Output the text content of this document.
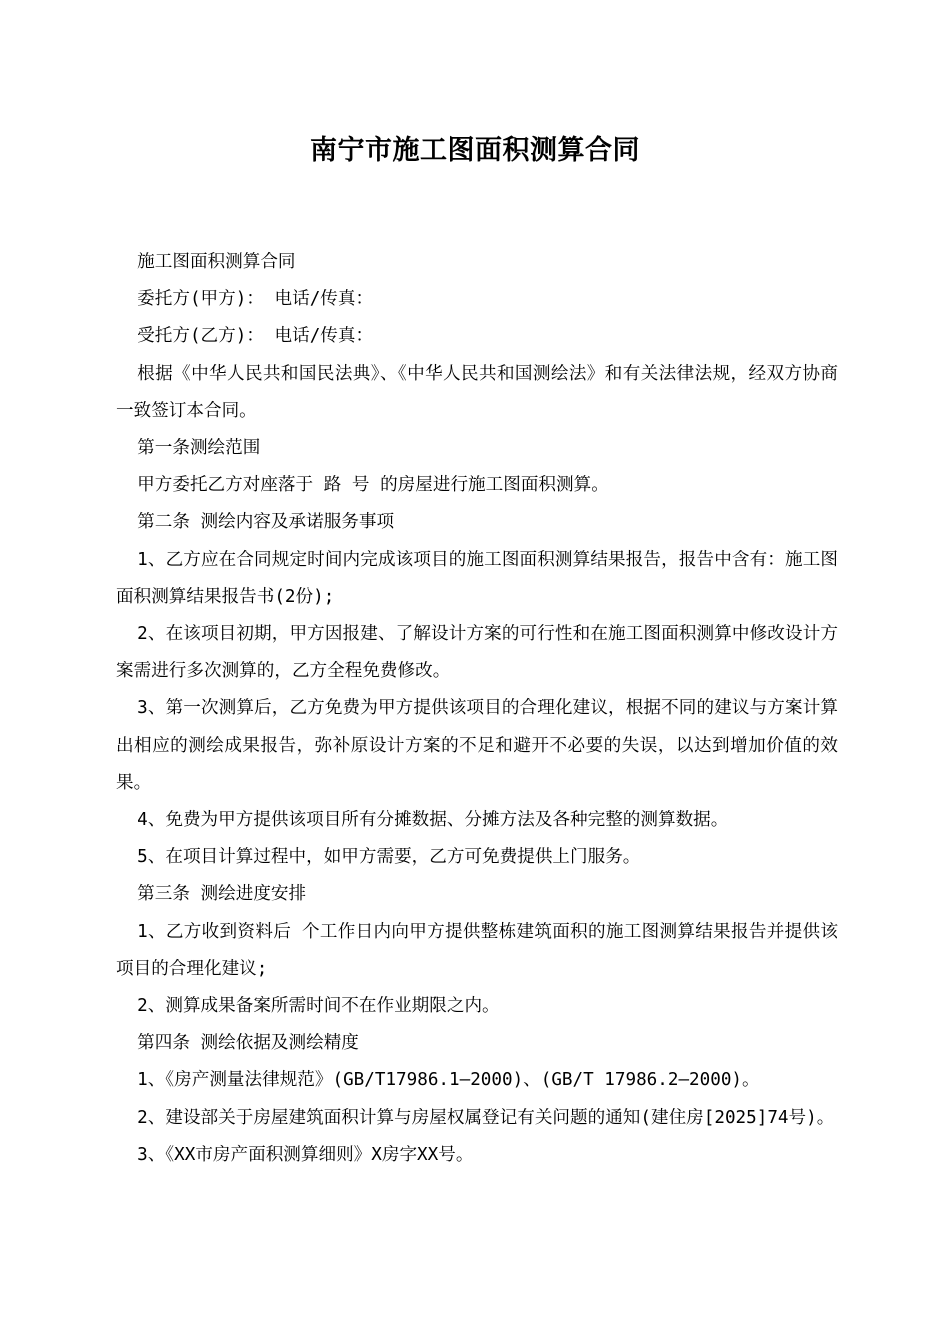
南宁市施工图面积测算合同

施工图面积测算合同

委托方(甲方)： 电话/传真：

受托方(乙方)： 电话/传真：

根据《中华人民共和国民法典》、《中华人民共和国测绘法》和有关法律法规，经双方协商一致签订本合同。

第一条测绘范围

甲方委托乙方对座落于 路 号 的房屋进行施工图面积测算。

第二条 测绘内容及承诺服务事项

1、乙方应在合同规定时间内完成该项目的施工图面积测算结果报告，报告中含有：施工图面积测算结果报告书(2份);

2、在该项目初期，甲方因报建、了解设计方案的可行性和在施工图面积测算中修改设计方案需进行多次测算的，乙方全程免费修改。

3、第一次测算后，乙方免费为甲方提供该项目的合理化建议，根据不同的建议与方案计算出相应的测绘成果报告，弥补原设计方案的不足和避开不必要的失误，以达到增加价值的效果。

4、免费为甲方提供该项目所有分摊数据、分摊方法及各种完整的测算数据。

5、在项目计算过程中，如甲方需要，乙方可免费提供上门服务。

第三条 测绘进度安排

1、乙方收到资料后 个工作日内向甲方提供整栋建筑面积的施工图测算结果报告并提供该项目的合理化建议;

2、测算成果备案所需时间不在作业期限之内。

第四条 测绘依据及测绘精度

1、《房产测量法律规范》(GB/T17986.1—2000)、(GB/T 17986.2—2000)。

2、建设部关于房屋建筑面积计算与房屋权属登记有关问题的通知(建住房[2025]74号)。

3、《XX市房产面积测算细则》X房字XX号。
